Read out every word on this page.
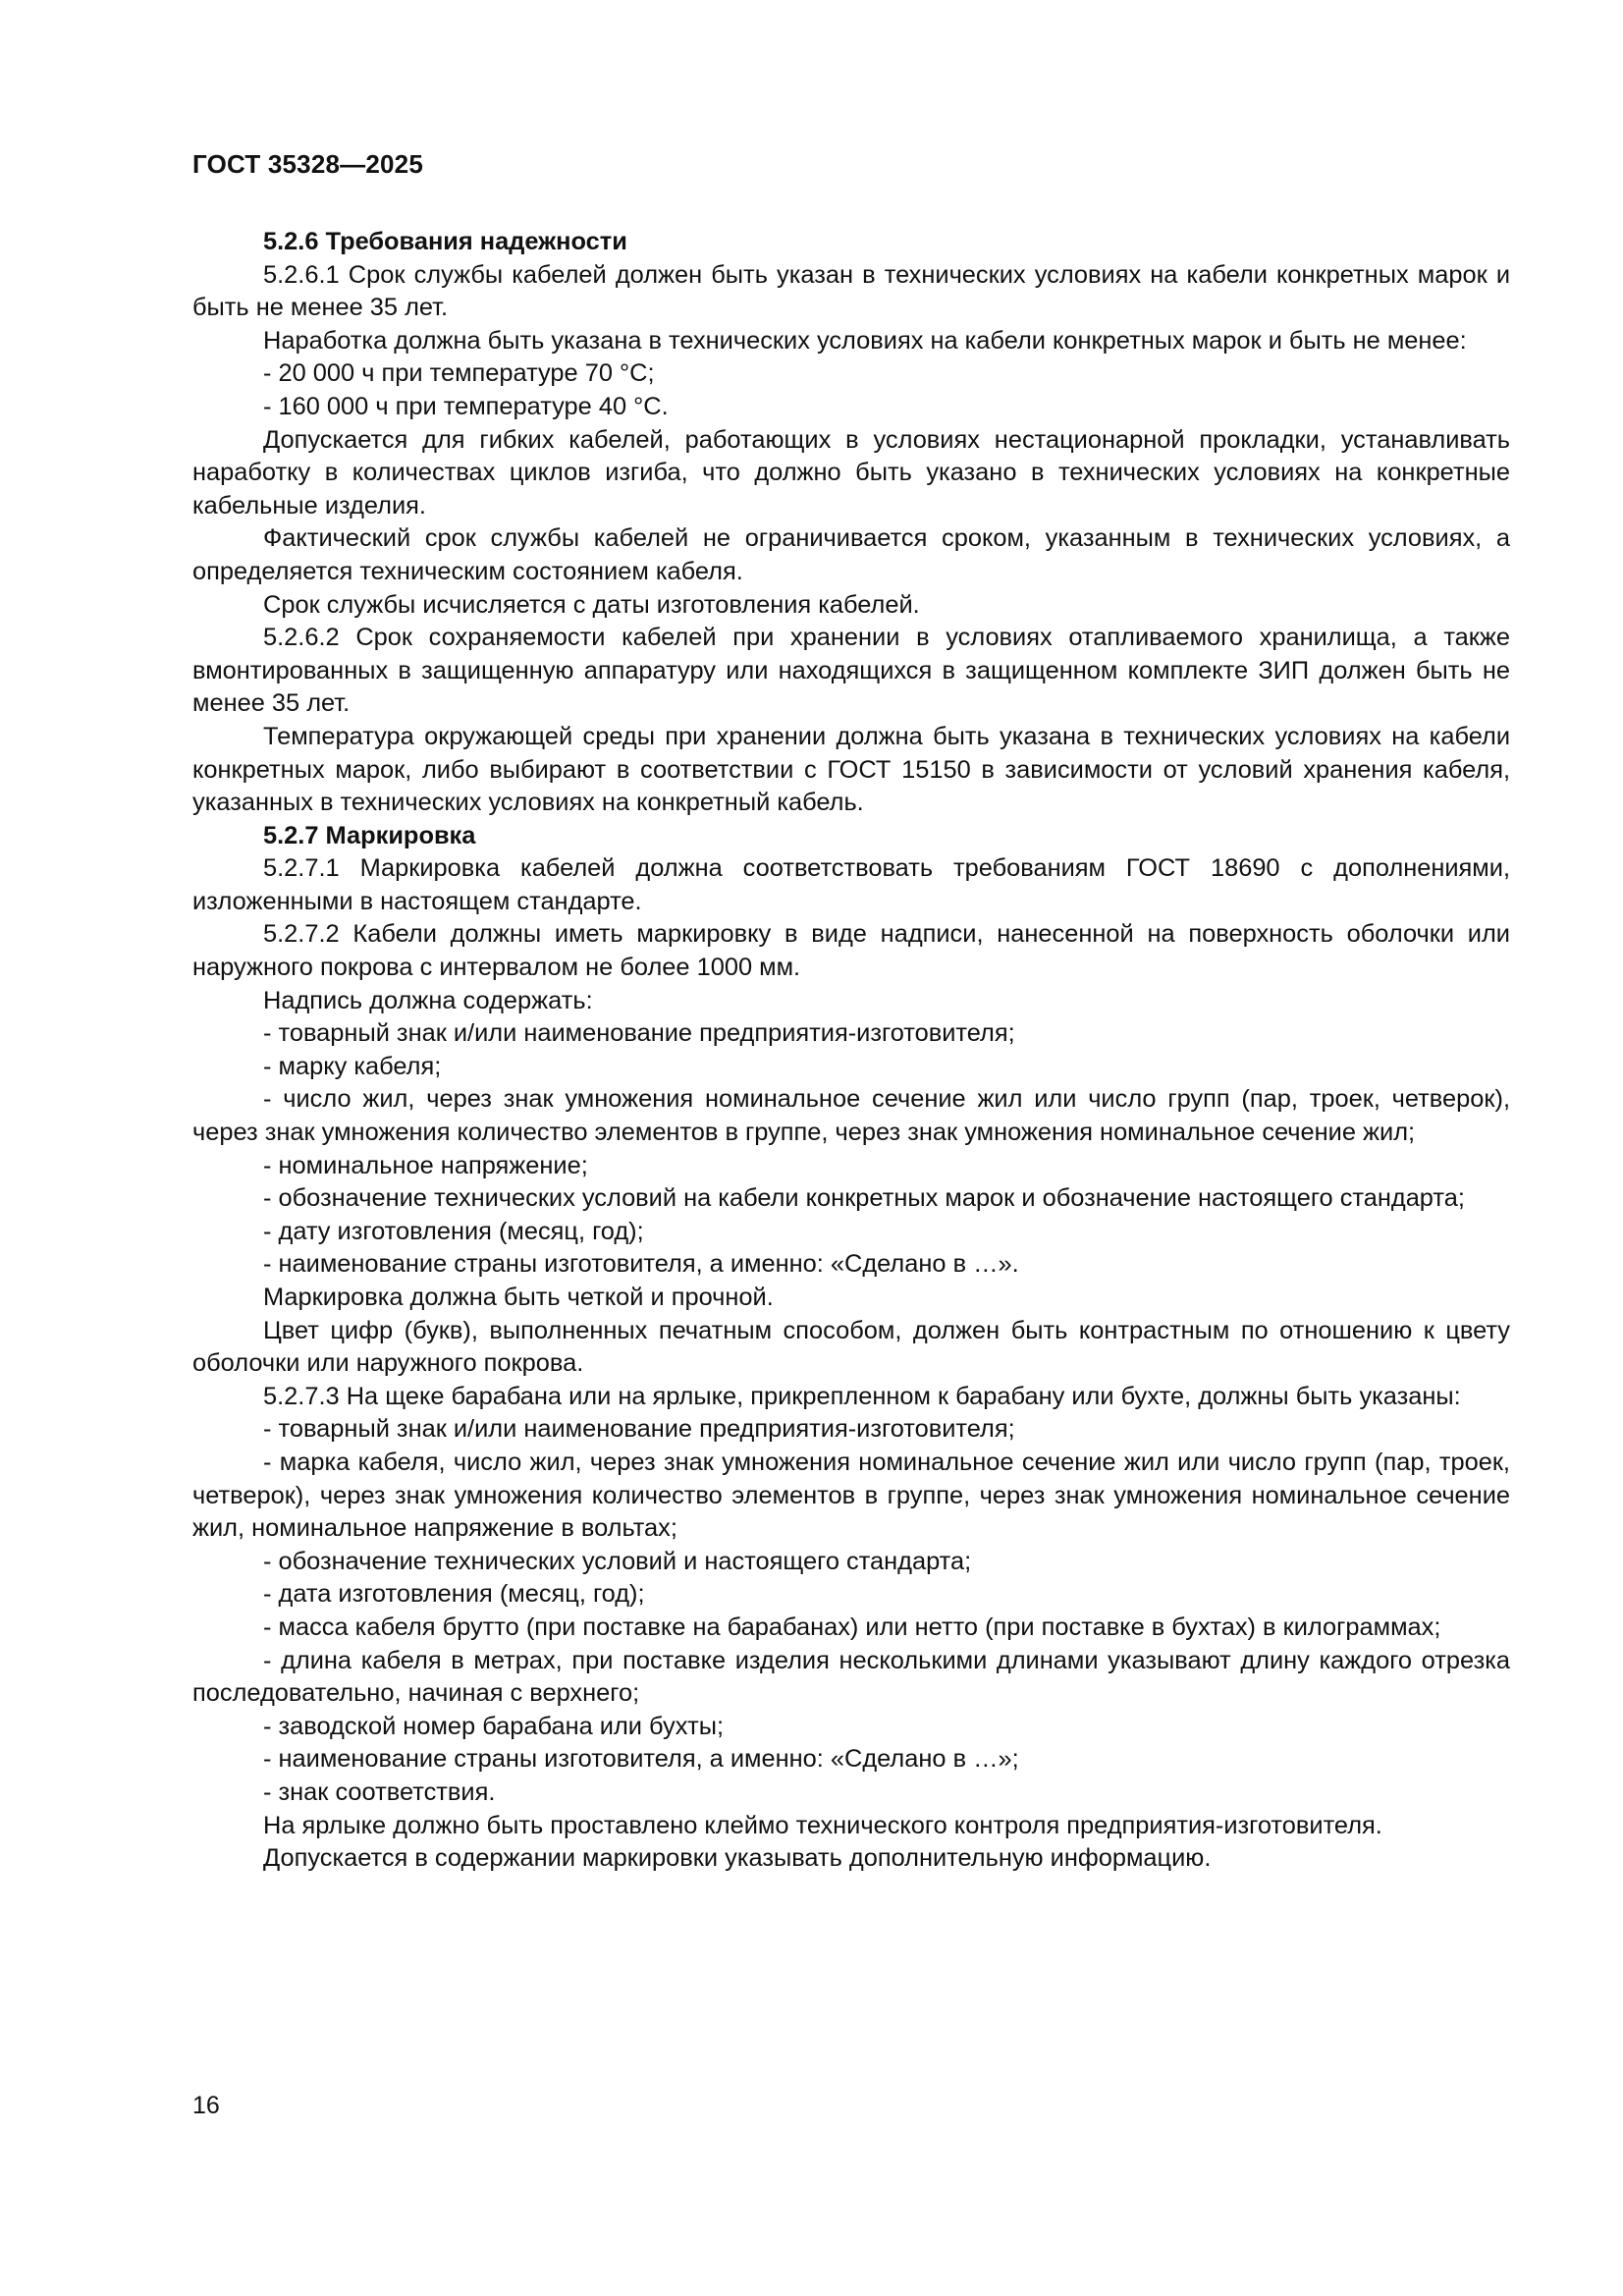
ГОСТ 35328—2025

5.2.6 Требования надежности

5.2.6.1 Срок службы кабелей должен быть указан в технических условиях на кабели конкретных марок и быть не менее 35 лет.

Наработка должна быть указана в технических условиях на кабели конкретных марок и быть не менее:

- 20 000 ч при температуре 70 °С;

- 160 000 ч при температуре 40 °С.

Допускается для гибких кабелей, работающих в условиях нестационарной прокладки, устанавливать наработку в количествах циклов изгиба, что должно быть указано в технических условиях на конкретные кабельные изделия.

Фактический срок службы кабелей не ограничивается сроком, указанным в технических условиях, а определяется техническим состоянием кабеля.

Срок службы исчисляется с даты изготовления кабелей.

5.2.6.2 Срок сохраняемости кабелей при хранении в условиях отапливаемого хранилища, а также вмонтированных в защищенную аппаратуру или находящихся в защищенном комплекте ЗИП должен быть не менее 35 лет.

Температура окружающей среды при хранении должна быть указана в технических условиях на кабели конкретных марок, либо выбирают в соответствии с ГОСТ 15150 в зависимости от условий хранения кабеля, указанных в технических условиях на конкретный кабель.

5.2.7 Маркировка

5.2.7.1 Маркировка кабелей должна соответствовать требованиям ГОСТ 18690 с дополнениями, изложенными в настоящем стандарте.

5.2.7.2 Кабели должны иметь маркировку в виде надписи, нанесенной на поверхность оболочки или наружного покрова с интервалом не более 1000 мм.

Надпись должна содержать:

- товарный знак и/или наименование предприятия-изготовителя;

- марку кабеля;

- число жил, через знак умножения номинальное сечение жил или число групп (пар, троек, четверок), через знак умножения количество элементов в группе, через знак умножения номинальное сечение жил;

- номинальное напряжение;

- обозначение технических условий на кабели конкретных марок и обозначение настоящего стандарта;

- дату изготовления (месяц, год);

- наименование страны изготовителя, а именно: «Сделано в …».

Маркировка должна быть четкой и прочной.

Цвет цифр (букв), выполненных печатным способом, должен быть контрастным по отношению к цвету оболочки или наружного покрова.

5.2.7.3 На щеке барабана или на ярлыке, прикрепленном к барабану или бухте, должны быть указаны:

- товарный знак и/или наименование предприятия-изготовителя;

- марка кабеля, число жил, через знак умножения номинальное сечение жил или число групп (пар, троек, четверок), через знак умножения количество элементов в группе, через знак умножения номинальное сечение жил, номинальное напряжение в вольтах;

- обозначение технических условий и настоящего стандарта;

- дата изготовления (месяц, год);

- масса кабеля брутто (при поставке на барабанах) или нетто (при поставке в бухтах) в килограммах;

- длина кабеля в метрах, при поставке изделия несколькими длинами указывают длину каждого отрезка последовательно, начиная с верхнего;

- заводской номер барабана или бухты;

- наименование страны изготовителя, а именно: «Сделано в …»;

- знак соответствия.

На ярлыке должно быть проставлено клеймо технического контроля предприятия-изготовителя.

Допускается в содержании маркировки указывать дополнительную информацию.

16
